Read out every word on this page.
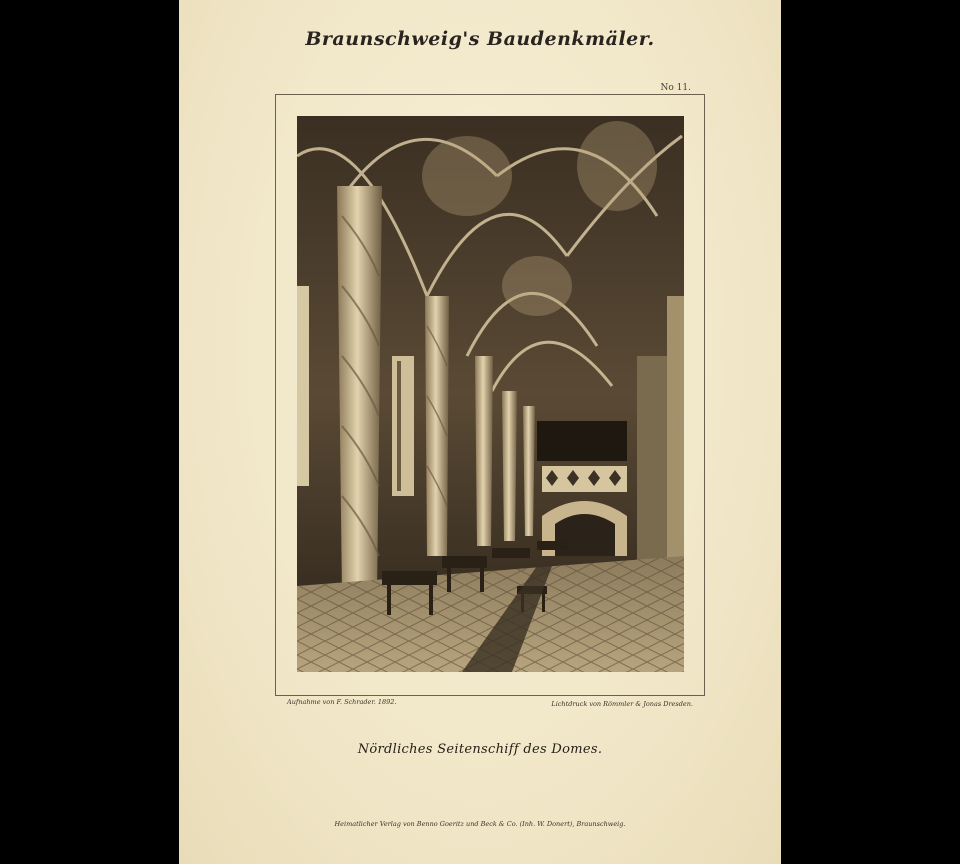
Braunschweig's Baudenkmäler.
No 11.
Aufnahme von F. Schrader. 1892.	Lichtdruck von Römmler & Jonas Dresden.
Nördliches Seitenschiff des Domes.
Heimatlicher Verlag von Benno Goeritz und Beck & Co. (Inh. W. Donert), Braunschweig.
